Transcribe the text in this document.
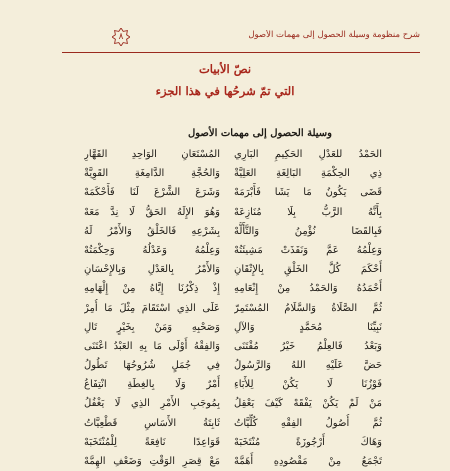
٨	شرح منظومة وسيلة الحصول إلى مهمات الأصول
نصّ الأبيات
التي تمّ شرحُها في هذا الجزء
وسيلة الحصول إلى مهمات الأصول
الحَمْدُ للعَدْلِ الحَكِيمِ البَارِي
المُسْتَعَانِ الوَاحِدِ القَهَّارِ
ذِي الحِكْمَةِ البَالِغَةِ العَلِيَّةْ
وَالحُجَّةِ الدَّامِغَةِ القَوِيَّةْ
قَضَى يَكُونُ مَا يَشَا فَأَبْرَمَهْ
وَشَرَعَ الشَّرْعَ لَنَا فَأَحْكَمَهْ
بِأَنَّهُ الرَّبُّ بِلَا مُنَازِعَهْ
وَهُوَ الإِلَهُ الحَقُّ لَا نِدَّ مَعَهْ
فَبِالقَضَا نُؤْمِنُ وَالتَّأَلُّهْ
بِشَرْعِهِ فَالخَلْقُ وَالأَمْرُ لَهُ
وَعِلْمُهُ عَمَّ وَنَفَذَتْ مَشِيئَتُهْ
وَعِلْمُهُ وَعَدْلُهُ وَحِكْمَتُهْ
أَحْكَمَ كُلَّ الخَلْقِ بِالإِتْقَانِ
وَالأَمْرُ بِالعَدْلِ وَبِالإِحْسَانِ
أَحْمَدُهُ وَالحَمْدُ مِنْ إِنْعَامِهِ
إِذْ ذِكْرُنَا إِيَّاهُ مِنْ إِلْهَامِهِ
ثُمَّ الصَّلَاةُ وَالسَّلَامُ المُسْتَمِرّ
عَلَى الذِي اسْتَقَامَ مِثْلَ مَا أُمِرْ
نَبِيِّنَا مُحَمَّدٍ وَالآلِ
وَصَحْبِهِ وَمَنْ بِخَيْرٍ تَالِ
وَبَعْدُ فَالعِلْمُ خَيْرُ مُقْتَنَى
وَالفِقْهُ أَوْلَى مَا بِهِ العَبْدُ اعْتَنَى
حَضَّ عَلَيْهِ اللهُ وَالرَّسُولُ
فِي جُمَلٍ شُرُوحُهَا تَطُولُ
فَوْزُنَا لَا يَكُنْ لِلأَبَاءِ
أَمْرٌ وَلَا بِالغِطَةِ انْتِفَاعُ
مَنْ لَمْ يَكُنْ يَفْقَهْ كَيْفَ يَعْقِلُ
بِمُوجَبِ الأَمْرِ الذِي لَا يَغْفُلُ
ثُمَّ أُصُولُ الفِقْهِ كُلِّيَّاتُ
ثَابِتَةُ الأَسَاسِ قَطْعِيَّاتُ
وَهَاكَ أَرْجُوزَةً مُنْتَخَبَهْ
قَوَاعِدًا نَافِعَةً لِلْمُنْتَخَبَهْ
تَجْمَعُ مِنْ مَقْصُودِهِ أَهَمَّهْ
مَعْ قِصَرِ الوَقْتِ وَضَعْفِ الهِمَّهْ
